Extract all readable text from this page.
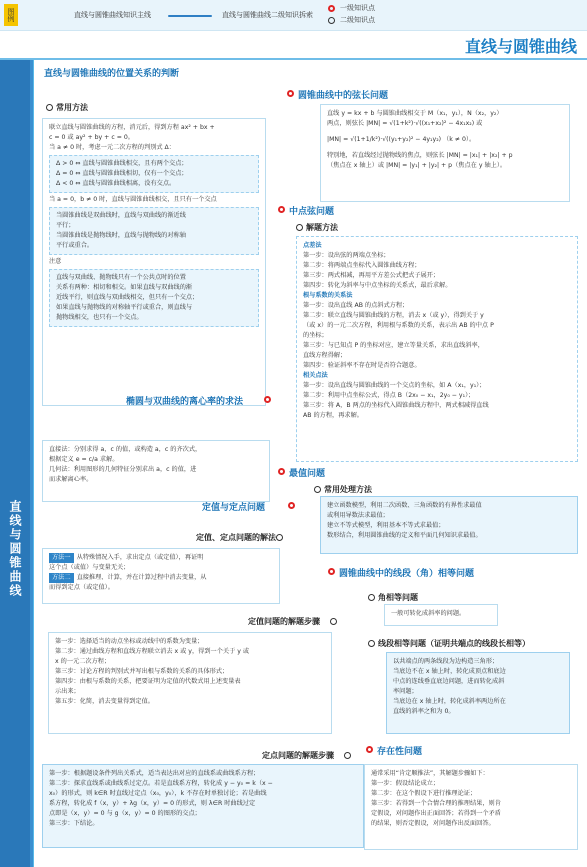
图例	直线与圆锥曲线知识主线	直线与圆锥曲线二级知识拆索
一级知识点
二级知识点
直线与圆锥曲线
直线与圆锥曲线
直线与圆锥曲线的位置关系的判断
常用方法
联立直线与圆锥曲线的方程，消元后，得到方程 ax² + bx +
c = 0 或 ay² + by + c = 0。
当 a ≠ 0 时，考虑一元二次方程的判别式 Δ：
Δ > 0 ⇔ 直线与圆锥曲线相交，且有两个交点；
Δ = 0 ⇔ 直线与圆锥曲线相切，仅有一个交点；
Δ < 0 ⇔ 直线与圆锥曲线相离，没有交点。
当 a = 0，b ≠ 0 时，直线与圆锥曲线相交，且只有一个交点
当圆锥曲线是双曲线时，直线与双曲线的渐近线
平行；
当圆锥曲线是抛物线时，直线与抛物线的对称轴
平行或重合。
注意
直线与双曲线、抛物线只有一个公共点时的位置
关系有两种：相切和相交。如果直线与双曲线的渐
近线平行，则直线与双曲线相交，但只有一个交点；
如果直线与抛物线的对称轴平行或重合，则直线与
抛物线相交，也只有一个交点。
圆锥曲线中的弦长问题
直线 y = kx + b 与圆锥曲线相交于 M（x₁，y₁），N（x₂，y₂）
两点，则弦长 |MN| = √(1+k²)·√((x₁+x₂)² − 4x₁x₂) 或
|MN| = √(1+1/k²)·√((y₁+y₂)² − 4y₁y₂) （k ≠ 0）。
特别地，若直线经过抛物线的焦点，则弦长 |MN| = |x₁| + |x₂| + p
（焦点在 x 轴上）或 |MN| = |y₁| + |y₂| + p（焦点在 y 轴上）。
中点弦问题
解题方法
点差法
第一步：设出弦的两端点坐标；
第二步：将两端点坐标代入圆锥曲线方程；
第三步：两式相减，再用平方差公式把式子展开；
第四步：转化为斜率与中点坐标的关系式，最后求解。
根与系数的关系法
第一步：设出直线 AB 的点斜式方程；
第二步：联立直线与圆锥曲线的方程，消去 x（或 y），得到关于 y
（或 x）的一元二次方程，利用根与系数的关系，表示出 AB 的中点 P
的坐标；
第三步：与已知点 P 的坐标对应，建立等量关系，求出直线斜率，
直线方程得解；
第四步：验证斜率不存在时是否符合题意。
相关点法
第一步：设出直线与圆锥曲线的一个交点的坐标，如 A（x₁，y₁）；
第二步：利用中点坐标公式，得点 B（2x₀ − x₁，2y₀ − y₁）；
第三步：将 A，B 两点的坐标代入圆锥曲线方程中，两式相减得直线
AB 的方程，再求解。
椭圆与双曲线的离心率的求法
直接法：分别求得 a，c 的值，或构造 a，c 的齐次式，
根据定义 e = c/a 求解。
几何法：利用图形的几何特征分别求出 a，c 的值，进
而求解离心率。
最值问题
常用处理方法
建立函数模型，利用二次函数、三角函数的有界性求最值
或利用导数法求最值；
建立不等式模型，利用基本不等式求最值；
数形结合，利用圆锥曲线的定义和平面几何知识求最值。
定值与定点问题
定值、定点问题的解法
方法一 从特殊情况入手，求出定点（或定值），再证明
这个点（或值）与变量无关；
方法二 直接推理、计算，并在计算过程中消去变量，从
而得到定点（或定值）。
定值问题的解题步骤
第一步：选择适当的动点坐标或动线中的系数为变量；
第二步：通过曲线方程和直线方程联立消去 x 或 y，得到一个关于 y 或
x 的一元二次方程；
第三步：讨论方程的判别式并写出根与系数的关系的具体形式；
第四步：由根与系数的关系，把要证明为定值的代数式用上述变量表
示出来；
第五步：化简，消去变量得到定值。
定点问题的解题步骤
第一步：根据题设条件列出关系式，适当表达出对应的直线系或曲线系方程；
第二步：探求直线系或曲线系过定点。若是直线系方程，转化成 y − y₀ = k（x −
x₀）的形式，则 k∈R 时直线过定点（x₀，y₀），k 不存在时单独讨论；若是曲线
系方程，转化成 f（x，y）+ λg（x，y）= 0 的形式，则 λ∈R 时曲线过定
点即是（x，y）= 0 与 g（x，y）= 0 的图形的交点；
第三步：下结论。
圆锥曲线中的线段（角）相等问题
角相等问题
一般可转化成斜率的问题。
线段相等问题（证明共端点的线段长相等）
以共端点的两条线段为边构造三角形；
当底边不在 x 轴上时，转化成顶点和底边
中点的连线垂直底边问题，进而转化成斜
率问题；
当底边在 x 轴上时，转化成斜率两边所在
直线的斜率之和为 0。
存在性问题
通常采用“肯定顺推法”，其解题步骤如下：
第一步：假设结论成立；
第二步：在这个假设下进行推理论证；
第三步：若得到一个合情合理的推理结果，则肯
定假设，对问题作出正面回答；若得到一个矛盾
的结果，则否定假设，对问题作出反面回答。
